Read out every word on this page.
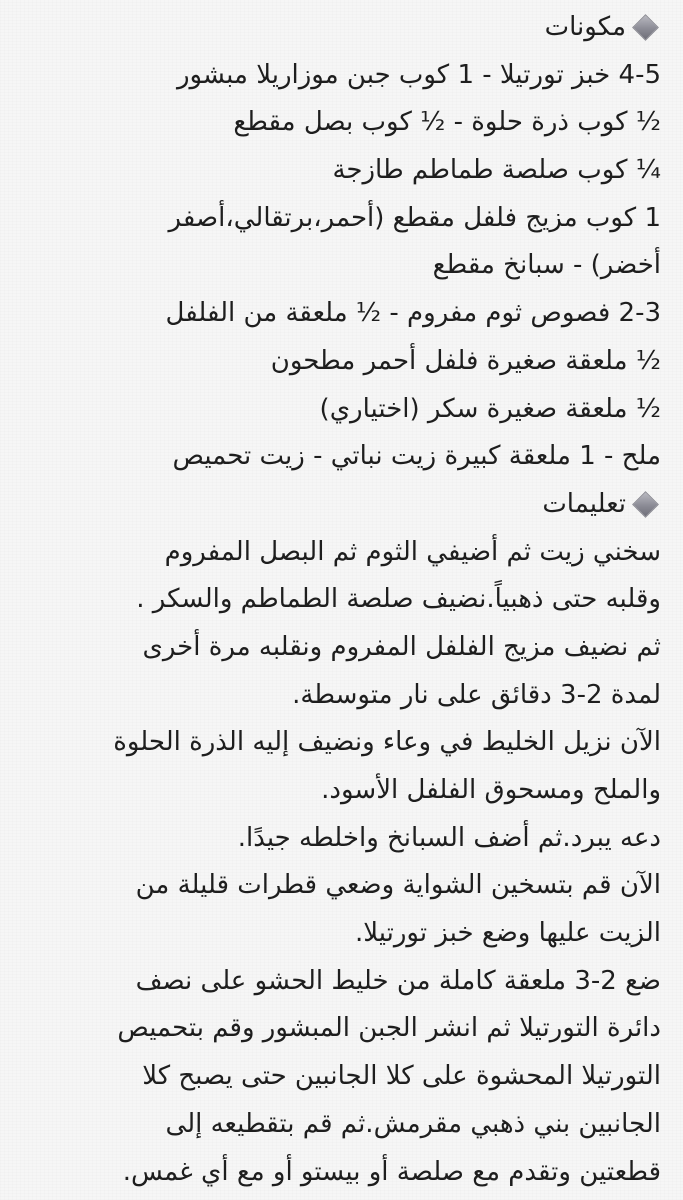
مكونات
4-5 خبز تورتيلا - 1 كوب جبن موزاريلا مبشور
½ كوب ذرة حلوة - ½ كوب بصل مقطع
¼ كوب صلصة طماطم طازجة
1 كوب مزيج فلفل مقطع (أحمر،برتقالي،أصفر
أخضر) - سبانخ مقطع
2-3 فصوص ثوم مفروم - ½ ملعقة من الفلفل
½ ملعقة صغيرة فلفل أحمر مطحون
½ ملعقة صغيرة سكر (اختياري)
ملح - 1 ملعقة كبيرة زيت نباتي - زيت تحميص
تعليمات
سخني زيت ثم أضيفي الثوم ثم البصل المفروم
وقلبه حتى ذهبياً.نضيف صلصة الطماطم والسكر .
ثم نضيف مزيج الفلفل المفروم ونقلبه مرة أخرى
لمدة 2-3 دقائق على نار متوسطة.
الآن نزيل الخليط في وعاء ونضيف إليه الذرة الحلوة
والملح ومسحوق الفلفل الأسود.
دعه يبرد.ثم أضف السبانخ واخلطه جيدًا.
الآن قم بتسخين الشواية وضعي قطرات قليلة من
الزيت عليها وضع خبز تورتيلا.
ضع 2-3 ملعقة كاملة من خليط الحشو على نصف
دائرة التورتيلا ثم انشر الجبن المبشور وقم بتحميص
التورتيلا المحشوة على كلا الجانبين حتى يصبح كلا
الجانبين بني ذهبي مقرمش.ثم قم بتقطيعه إلى
قطعتين وتقدم مع صلصة أو بيستو أو مع أي غمس.
